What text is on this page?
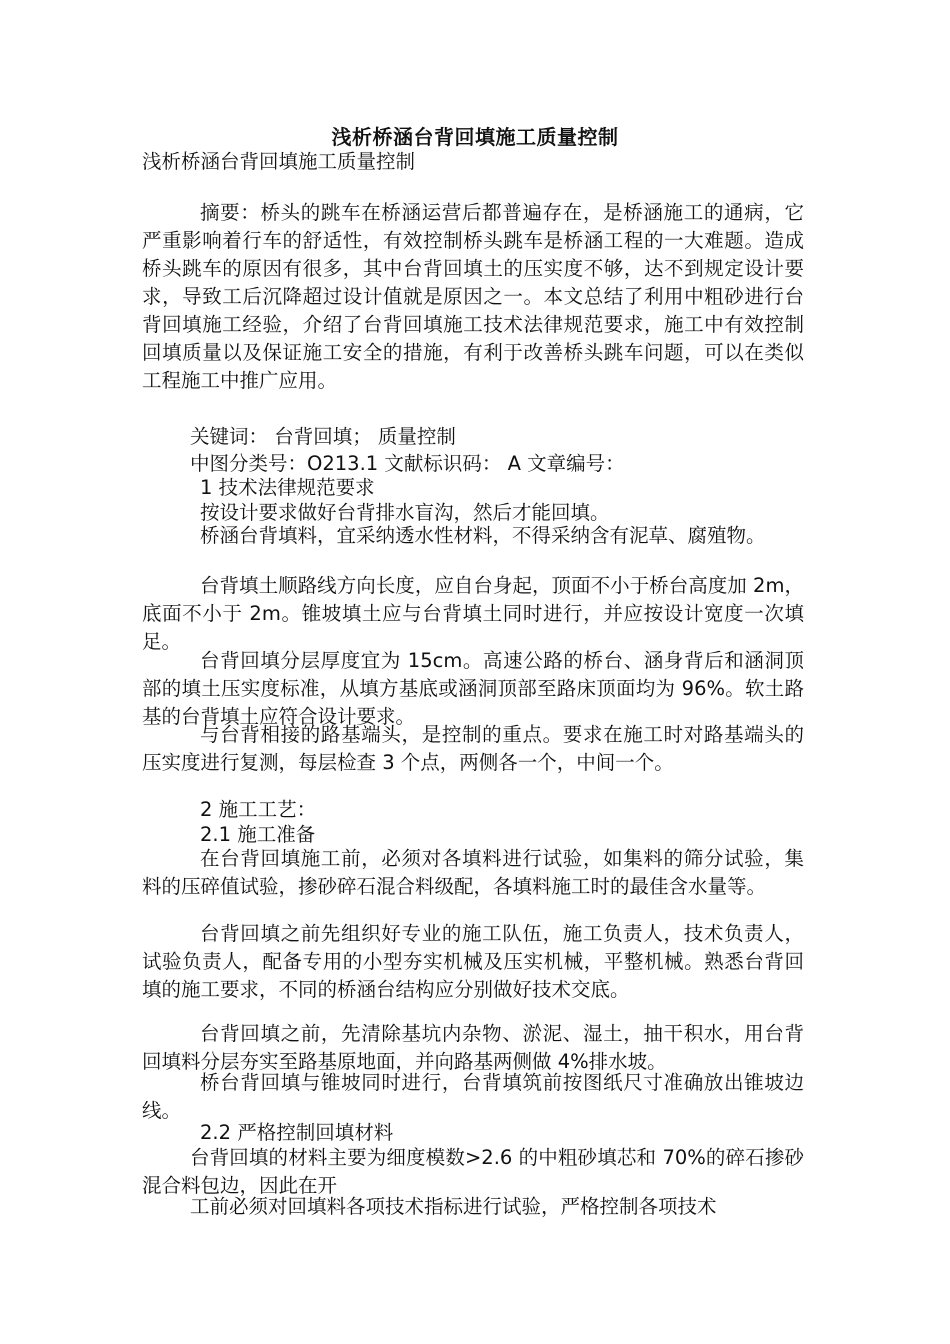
浅析桥涵台背回填施工质量控制
浅析桥涵台背回填施工质量控制

摘要：桥头的跳车在桥涵运营后都普遍存在，是桥涵施工的通病，它严重影响着行车的舒适性，有效控制桥头跳车是桥涵工程的一大难题。造成桥头跳车的原因有很多，其中台背回填土的压实度不够，达不到规定设计要求，导致工后沉降超过设计值就是原因之一。本文总结了利用中粗砂进行台背回填施工经验，介绍了台背回填施工技术法律规范要求，施工中有效控制回填质量以及保证施工安全的措施，有利于改善桥头跳车问题，可以在类似工程施工中推广应用。

关键词： 台背回填； 质量控制

中图分类号：O213.1 文献标识码： A 文章编号：

1 技术法律规范要求

按设计要求做好台背排水盲沟，然后才能回填。

桥涵台背填料，宜采纳透水性材料，不得采纳含有泥草、腐殖物。

台背填土顺路线方向长度，应自台身起，顶面不小于桥台高度加 2m，底面不小于 2m。锥坡填土应与台背填土同时进行，并应按设计宽度一次填足。

台背回填分层厚度宜为 15cm。高速公路的桥台、涵身背后和涵洞顶部的填土压实度标准，从填方基底或涵洞顶部至路床顶面均为 96%。软土路基的台背填土应符合设计要求。

与台背相接的路基端头，是控制的重点。要求在施工时对路基端头的压实度进行复测，每层检查 3 个点，两侧各一个，中间一个。

2 施工工艺：

2.1 施工准备

在台背回填施工前，必须对各填料进行试验，如集料的筛分试验，集料的压碎值试验，掺砂碎石混合料级配，各填料施工时的最佳含水量等。

台背回填之前先组织好专业的施工队伍，施工负责人，技术负责人，试验负责人，配备专用的小型夯实机械及压实机械，平整机械。熟悉台背回填的施工要求，不同的桥涵台结构应分别做好技术交底。

台背回填之前，先清除基坑内杂物、淤泥、湿土，抽干积水，用台背回填料分层夯实至路基原地面，并向路基两侧做 4%排水坡。

桥台背回填与锥坡同时进行，台背填筑前按图纸尺寸准确放出锥坡边线。

2.2 严格控制回填材料

台背回填的材料主要为细度模数>2.6 的中粗砂填芯和 70%的碎石掺砂混合料包边，因此在开

工前必须对回填料各项技术指标进行试验，严格控制各项技术
